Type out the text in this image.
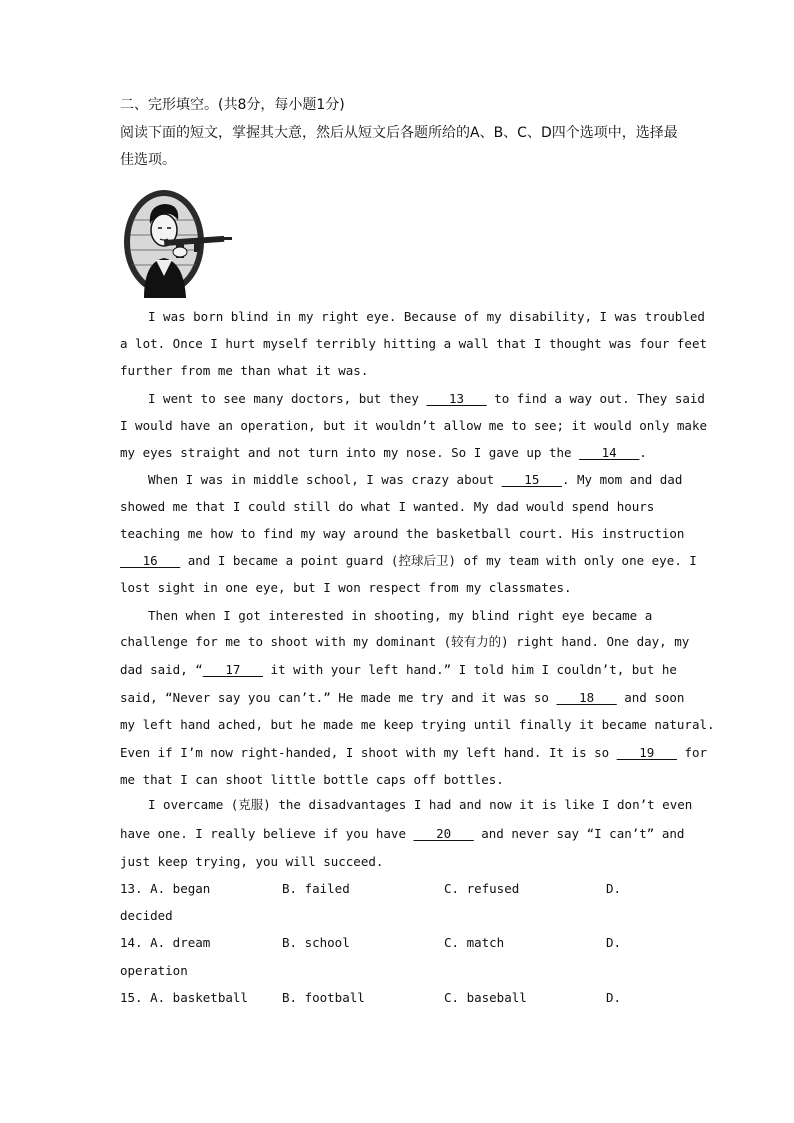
二、完形填空。(共8分，每小题1分)
阅读下面的短文，掌握其大意，然后从短文后各题所给的A、B、C、D四个选项中，选择最
佳选项。
I was born blind in my right eye. Because of my disability, I was troubled
a lot. Once I hurt myself terribly hitting a wall that I thought was four feet
further from me than what it was.
I went to see many doctors, but they ___13___ to find a way out. They said
I would have an operation, but it wouldn’t allow me to see; it would only make
my eyes straight and not turn into my nose. So I gave up the ___14___.
When I was in middle school, I was crazy about ___15___. My mom and dad
showed me that I could still do what I wanted. My dad would spend hours
teaching me how to find my way around the basketball court. His instruction
___16___ and I became a point guard (控球后卫) of my team with only one eye. I
lost sight in one eye, but I won respect from my classmates.
Then when I got interested in shooting, my blind right eye became a
challenge for me to shoot with my dominant (较有力的) right hand. One day, my
dad said, “___17___ it with your left hand.” I told him I couldn’t, but he
said, “Never say you can’t.” He made me try and it was so ___18___ and soon
my left hand ached, but he made me keep trying until finally it became natural.
Even if I’m now right-handed, I shoot with my left hand. It is so ___19___ for
me that I can shoot little bottle caps off bottles.
I overcame (克服) the disadvantages I had and now it is like I don’t even
have one. I really believe if you have ___20___ and never say “I can’t” and
just keep trying, you will succeed.
13. A. began	B. failed	C. refused	D.
decided
14. A. dream	B. school	C. match	D.
operation
15. A. basketball	B. football	C. baseball	D.
